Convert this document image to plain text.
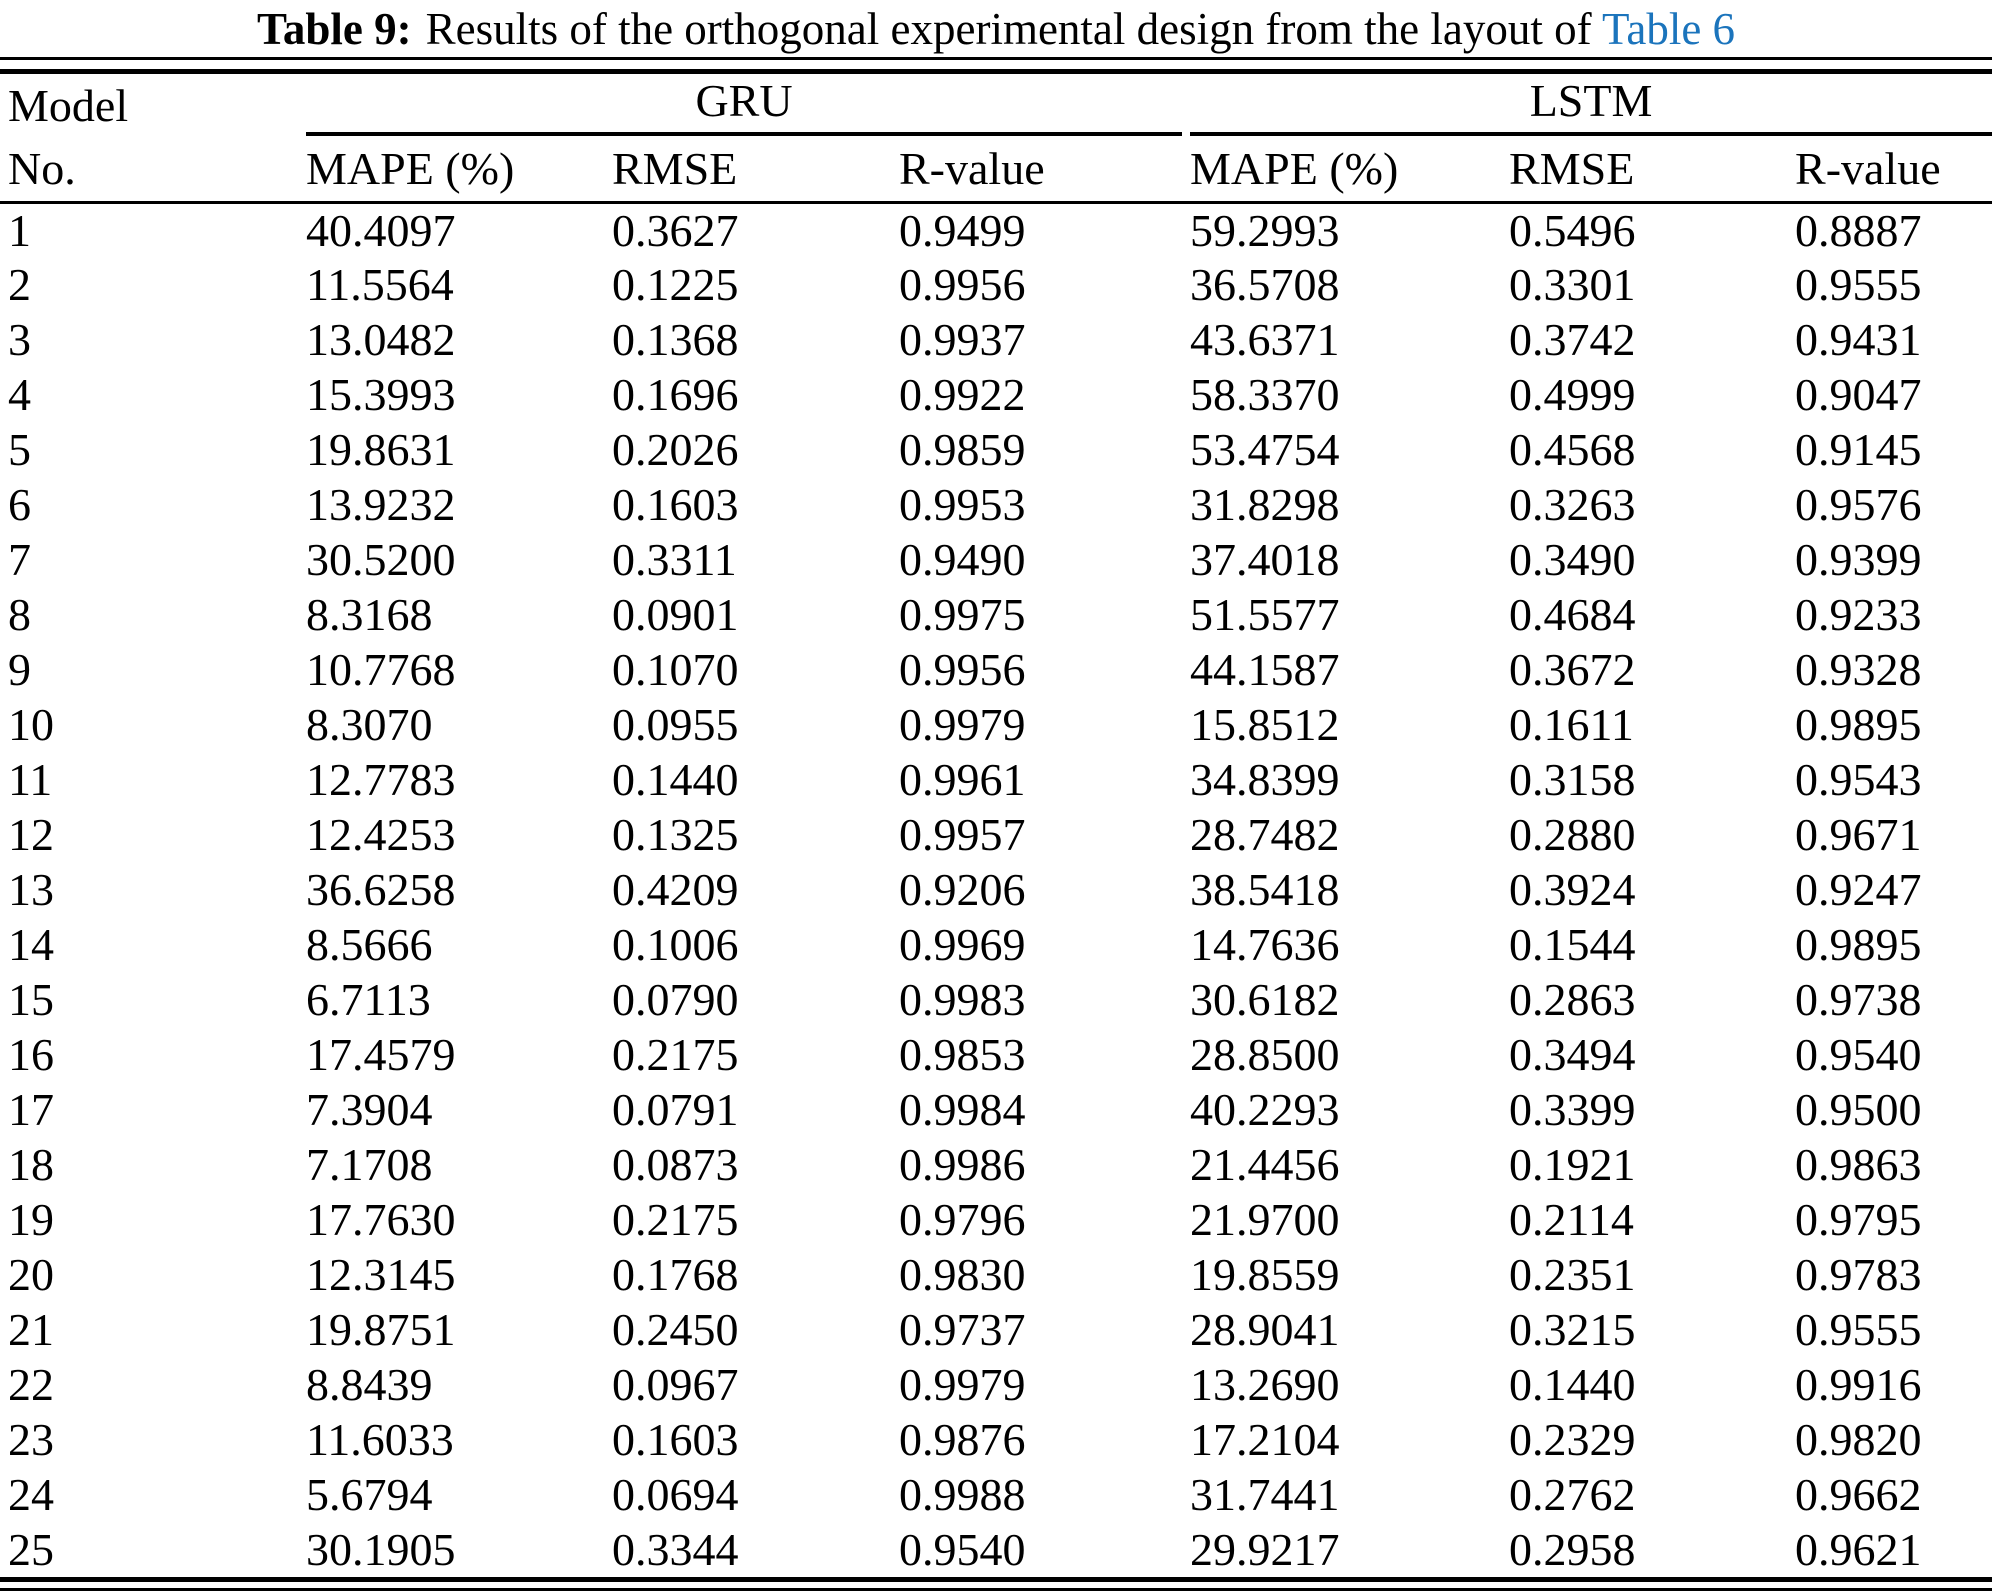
Table 9: Results of the orthogonal experimental design from the layout of Table 6
Model	GRU			LSTM		

No.	MAPE (%)	RMSE	R-value	MAPE (%)	RMSE	R-value
1	40.4097	0.3627	0.9499	59.2993	0.5496	0.8887
2	11.5564	0.1225	0.9956	36.5708	0.3301	0.9555
3	13.0482	0.1368	0.9937	43.6371	0.3742	0.9431
4	15.3993	0.1696	0.9922	58.3370	0.4999	0.9047
5	19.8631	0.2026	0.9859	53.4754	0.4568	0.9145
6	13.9232	0.1603	0.9953	31.8298	0.3263	0.9576
7	30.5200	0.3311	0.9490	37.4018	0.3490	0.9399
8	8.3168	0.0901	0.9975	51.5577	0.4684	0.9233
9	10.7768	0.1070	0.9956	44.1587	0.3672	0.9328
10	8.3070	0.0955	0.9979	15.8512	0.1611	0.9895
11	12.7783	0.1440	0.9961	34.8399	0.3158	0.9543
12	12.4253	0.1325	0.9957	28.7482	0.2880	0.9671
13	36.6258	0.4209	0.9206	38.5418	0.3924	0.9247
14	8.5666	0.1006	0.9969	14.7636	0.1544	0.9895
15	6.7113	0.0790	0.9983	30.6182	0.2863	0.9738
16	17.4579	0.2175	0.9853	28.8500	0.3494	0.9540
17	7.3904	0.0791	0.9984	40.2293	0.3399	0.9500
18	7.1708	0.0873	0.9986	21.4456	0.1921	0.9863
19	17.7630	0.2175	0.9796	21.9700	0.2114	0.9795
20	12.3145	0.1768	0.9830	19.8559	0.2351	0.9783
21	19.8751	0.2450	0.9737	28.9041	0.3215	0.9555
22	8.8439	0.0967	0.9979	13.2690	0.1440	0.9916
23	11.6033	0.1603	0.9876	17.2104	0.2329	0.9820
24	5.6794	0.0694	0.9988	31.7441	0.2762	0.9662
25	30.1905	0.3344	0.9540	29.9217	0.2958	0.9621
